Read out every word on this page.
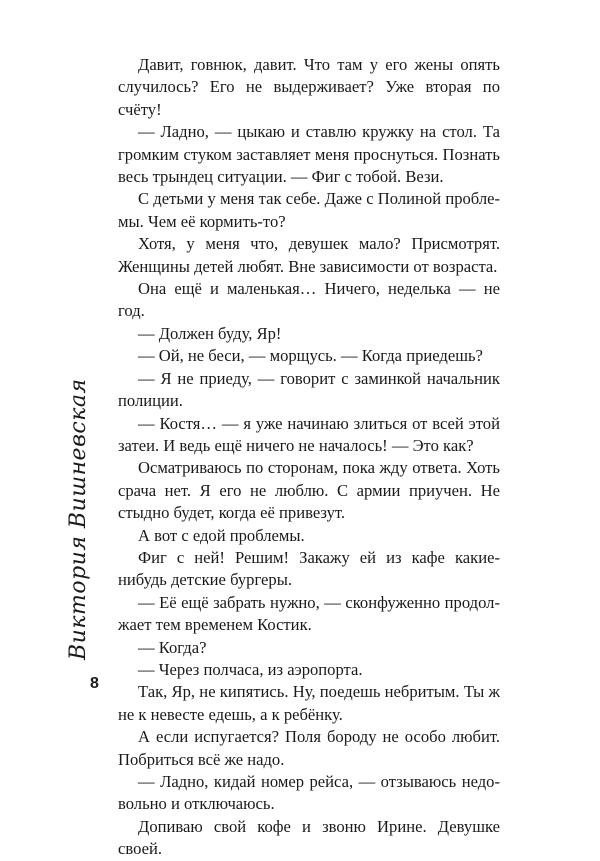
Виктория Вишневская
8

Давит, говнюк, давит. Что там у его жены опять случилось? Его не выдерживает? Уже вторая по счёту!

— Ладно, — цыкаю и ставлю кружку на стол. Та громким стуком заставляет меня проснуться. Познать весь трындец ситуации. — Фиг с тобой. Вези.

С детьми у меня так себе. Даже с Полиной проблемы. Чем её кормить-то?

Хотя, у меня что, девушек мало? Присмотрят. Женщины детей любят. Вне зависимости от возраста.

Она ещё и маленькая… Ничего, неделька — не год.

— Должен буду, Яр!

— Ой, не беси, — морщусь. — Когда приедешь?

— Я не приеду, — говорит с заминкой начальник полиции.

— Костя… — я уже начинаю злиться от всей этой затеи. И ведь ещё ничего не началось! — Это как?

Осматриваюсь по сторонам, пока жду ответа. Хоть срача нет. Я его не люблю. С армии приучен. Не стыдно будет, когда её привезут.

А вот с едой проблемы.

Фиг с ней! Решим! Закажу ей из кафе какие-нибудь детские бургеры.

— Её ещё забрать нужно, — сконфуженно продолжает тем временем Костик.

— Когда?

— Через полчаса, из аэропорта.

Так, Яр, не кипятись. Ну, поедешь небритым. Ты ж не к невесте едешь, а к ребёнку.

А если испугается? Поля бороду не особо любит. Побриться всё же надо.

— Ладно, кидай номер рейса, — отзываюсь недовольно и отключаюсь.

Допиваю свой кофе и звоню Ирине. Девушке своей.
